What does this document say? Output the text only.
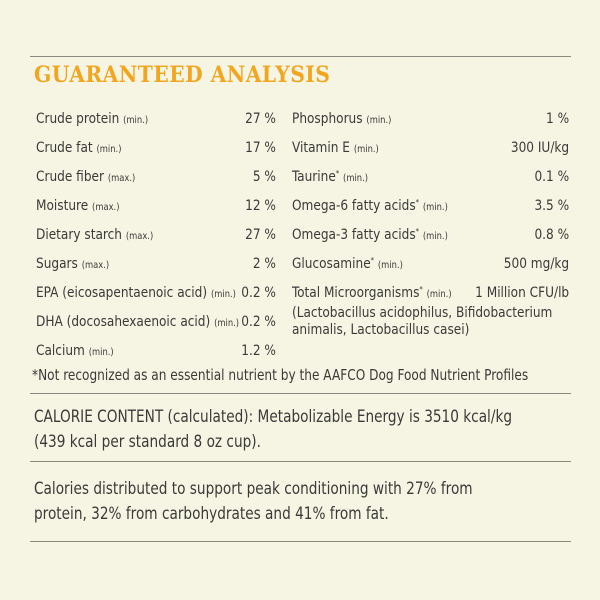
GUARANTEED ANALYSIS
Crude protein (min.)	27 %
Crude fat (min.)	17 %
Crude fiber (max.)	5 %
Moisture (max.)	12 %
Dietary starch (max.)	27 %
Sugars (max.)	2 %
EPA (eicosapentaenoic acid) (min.) 0.2 %
DHA (docosahexaenoic acid) (min.) 0.2 %
Calcium (min.)	1.2 %
Phosphorus (min.)	1 %
Vitamin E (min.)	300 IU/kg
Taurine* (min.)	0.1 %
Omega-6 fatty acids* (min.)	3.5 %
Omega-3 fatty acids* (min.)	0.8 %
Glucosamine* (min.)	500 mg/kg
Total Microorganisms* (min.) 1 Million CFU/lb
(Lactobacillus acidophilus, Bifidobacterium
animalis, Lactobacillus casei)
*Not recognized as an essential nutrient by the AAFCO Dog Food Nutrient Profiles
CALORIE CONTENT (calculated): Metabolizable Energy is 3510 kcal/kg
(439 kcal per standard 8 oz cup).
Calories distributed to support peak conditioning with 27% from
protein, 32% from carbohydrates and 41% from fat.
